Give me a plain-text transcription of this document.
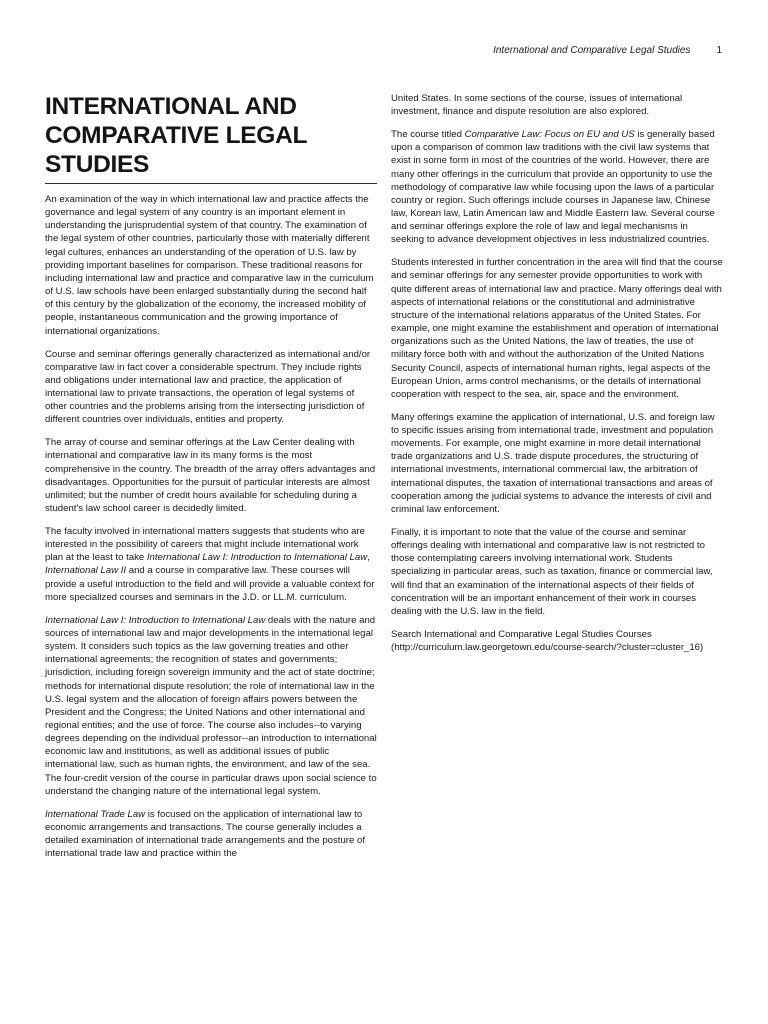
International and Comparative Legal Studies	1
INTERNATIONAL AND
COMPARATIVE LEGAL
STUDIES

An examination of the way in which international law and practice affects the governance and legal system of any country is an important element in understanding the jurisprudential system of that country. The examination of the legal system of other countries, particularly those with materially different legal cultures, enhances an understanding of the operation of U.S. law by providing important baselines for comparison. These traditional reasons for including international law and practice and comparative law in the curriculum of U.S. law schools have been enlarged substantially during the second half of this century by the globalization of the economy, the increased mobility of people, instantaneous communication and the growing importance of international organizations.

Course and seminar offerings generally characterized as international and/or comparative law in fact cover a considerable spectrum. They include rights and obligations under international law and practice, the application of international law to private transactions, the operation of legal systems of other countries and the problems arising from the intersecting jurisdiction of different countries over individuals, entities and property.

The array of course and seminar offerings at the Law Center dealing with international and comparative law in its many forms is the most comprehensive in the country. The breadth of the array offers advantages and disadvantages. Opportunities for the pursuit of particular interests are almost unlimited; but the number of credit hours available for scheduling during a student's law school career is decidedly limited.

The faculty involved in international matters suggests that students who are interested in the possibility of careers that might include international work plan at the least to take International Law I: Introduction to International Law, International Law II and a course in comparative law. These courses will provide a useful introduction to the field and will provide a valuable context for more specialized courses and seminars in the J.D. or LL.M. curriculum.

International Law I: Introduction to International Law deals with the nature and sources of international law and major developments in the international legal system. It considers such topics as the law governing treaties and other international agreements; the recognition of states and governments; jurisdiction, including foreign sovereign immunity and the act of state doctrine; methods for international dispute resolution; the role of international law in the U.S. legal system and the allocation of foreign affairs powers between the President and the Congress; the United Nations and other international and regional entities; and the use of force. The course also includes--to varying degrees depending on the individual professor--an introduction to international economic law and institutions, as well as additional issues of public international law, such as human rights, the environment, and law of the sea. The four-credit version of the course in particular draws upon social science to understand the changing nature of the international legal system.

International Trade Law is focused on the application of international law to economic arrangements and transactions. The course generally includes a detailed examination of international trade arrangements and the posture of international trade law and practice within the

United States. In some sections of the course, issues of international investment, finance and dispute resolution are also explored.

The course titled Comparative Law: Focus on EU and US is generally based upon a comparison of common law traditions with the civil law systems that exist in some form in most of the countries of the world. However, there are many other offerings in the curriculum that provide an opportunity to use the methodology of comparative law while focusing upon the laws of a particular country or region. Such offerings include courses in Japanese law, Chinese law, Korean law, Latin American law and Middle Eastern law. Several course and seminar offerings explore the role of law and legal mechanisms in seeking to advance development objectives in less industrialized countries.

Students interested in further concentration in the area will find that the course and seminar offerings for any semester provide opportunities to work with quite different areas of international law and practice. Many offerings deal with aspects of international relations or the constitutional and administrative structure of the international relations apparatus of the United States. For example, one might examine the establishment and operation of international organizations such as the United Nations, the law of treaties, the use of military force both with and without the authorization of the United Nations Security Council, aspects of international human rights, legal aspects of the European Union, arms control mechanisms, or the details of international cooperation with respect to the sea, air, space and the environment.

Many offerings examine the application of international, U.S. and foreign law to specific issues arising from international trade, investment and population movements. For example, one might examine in more detail international trade organizations and U.S. trade dispute procedures, the structuring of international investments, international commercial law, the arbitration of international disputes, the taxation of international transactions and areas of cooperation among the judicial systems to advance the interests of civil and criminal law enforcement.

Finally, it is important to note that the value of the course and seminar offerings dealing with international and comparative law is not restricted to those contemplating careers involving international work. Students specializing in particular areas, such as taxation, finance or commercial law, will find that an examination of the international aspects of their fields of concentration will be an important enhancement of their work in courses dealing with the U.S. law in the field.

Search International and Comparative Legal Studies Courses (http://curriculum.law.georgetown.edu/course-search/?cluster=cluster_16)
